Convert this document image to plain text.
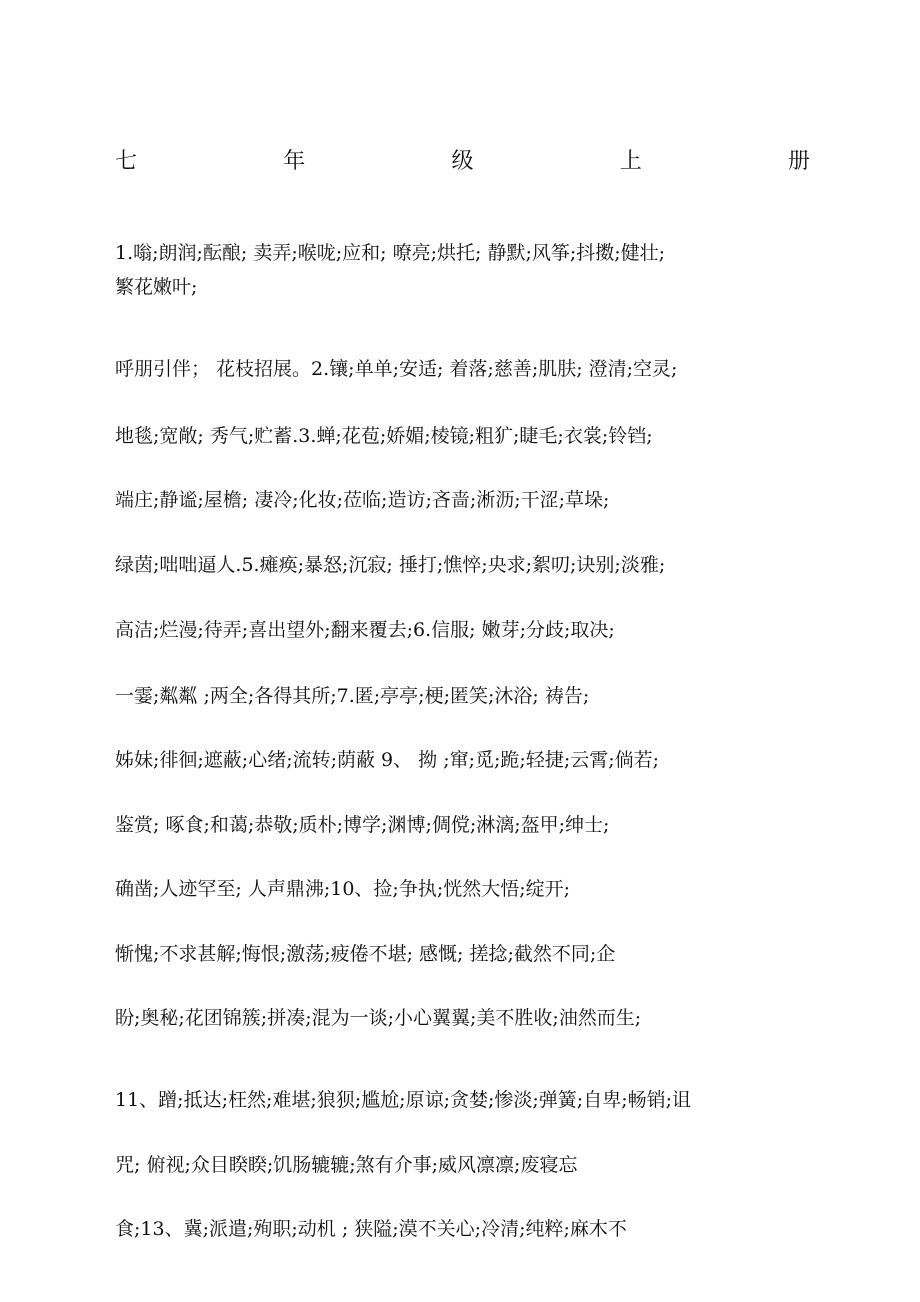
七	年	级	上	册
1.嗡;朗润;酝酿; 卖弄;喉咙;应和; 嘹亮;烘托; 静默;风筝;抖擞;健壮;
繁花嫩叶;
呼朋引伴； 花枝招展。2.镶;单单;安适; 着落;慈善;肌肤; 澄清;空灵;
地毯;宽敞; 秀气;贮蓄.3.蝉;花苞;娇媚;棱镜;粗犷;睫毛;衣裳;铃铛;
端庄;静谧;屋檐; 凄冷;化妆;莅临;造访;吝啬;淅沥;干涩;草垛;
绿茵;咄咄逼人.5.瘫痪;暴怒;沉寂; 捶打;憔悴;央求;絮叨;诀别;淡雅;
高洁;烂漫;待弄;喜出望外;翻来覆去;6.信服; 嫩芽;分歧;取决;
一霎;粼粼 ;两全;各得其所;7.匿;亭亭;梗;匿笑;沐浴; 祷告;
姊妹;徘徊;遮蔽;心绪;流转;荫蔽 9、 拗 ;窜;觅;跪;轻捷;云霄;倘若;
鉴赏; 啄食;和蔼;恭敬;质朴;博学;渊博;倜傥;淋漓;盔甲;绅士;
确凿;人迹罕至; 人声鼎沸;10、捡;争执;恍然大悟;绽开;
惭愧;不求甚解;悔恨;激荡;疲倦不堪; 感慨; 搓捻;截然不同;企
盼;奥秘;花团锦簇;拼凑;混为一谈;小心翼翼;美不胜收;油然而生;
11、蹭;抵达;枉然;难堪;狼狈;尴尬;原谅;贪婪;惨淡;弹簧;自卑;畅销;诅
咒; 俯视;众目睽睽;饥肠辘辘;煞有介事;威风凛凛;废寝忘
食;13、冀;派遣;殉职;动机 ; 狭隘;漠不关心;冷清;纯粹;麻木不
